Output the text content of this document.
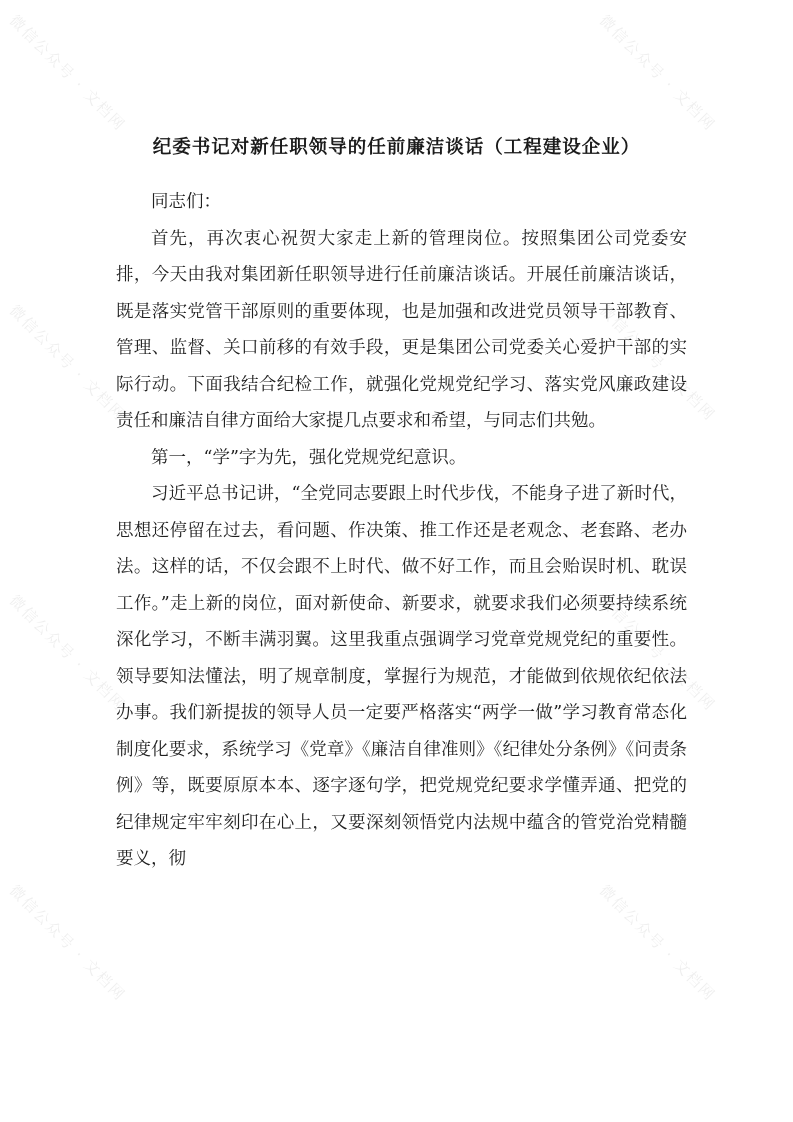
微信公众号 · 文档网	微信公众号 · 文档网
微信公众号 · 文档网	微信公众号 · 文档网
微信公众号 · 文档网	微信公众号 · 文档网
微信公众号 · 文档网	微信公众号 · 文档网
纪委书记对新任职领导的任前廉洁谈话（工程建设企业）

同志们：

首先，再次衷心祝贺大家走上新的管理岗位。按照集团公司党委安排，今天由我对集团新任职领导进行任前廉洁谈话。开展任前廉洁谈话，既是落实党管干部原则的重要体现，也是加强和改进党员领导干部教育、管理、监督、关口前移的有效手段，更是集团公司党委关心爱护干部的实际行动。下面我结合纪检工作，就强化党规党纪学习、落实党风廉政建设责任和廉洁自律方面给大家提几点要求和希望，与同志们共勉。

第一，“学”字为先，强化党规党纪意识。

习近平总书记讲，“全党同志要跟上时代步伐，不能身子进了新时代，思想还停留在过去，看问题、作决策、推工作还是老观念、老套路、老办法。这样的话，不仅会跟不上时代、做不好工作，而且会贻误时机、耽误工作。”走上新的岗位，面对新使命、新要求，就要求我们必须要持续系统深化学习，不断丰满羽翼。这里我重点强调学习党章党规党纪的重要性。领导要知法懂法，明了规章制度，掌握行为规范，才能做到依规依纪依法办事。我们新提拔的领导人员一定要严格落实“两学一做”学习教育常态化制度化要求，系统学习《党章》《廉洁自律准则》《纪律处分条例》《问责条例》等，既要原原本本、逐字逐句学，把党规党纪要求学懂弄通、把党的纪律规定牢牢刻印在心上，又要深刻领悟党内法规中蕴含的管党治党精髓要义，彻
